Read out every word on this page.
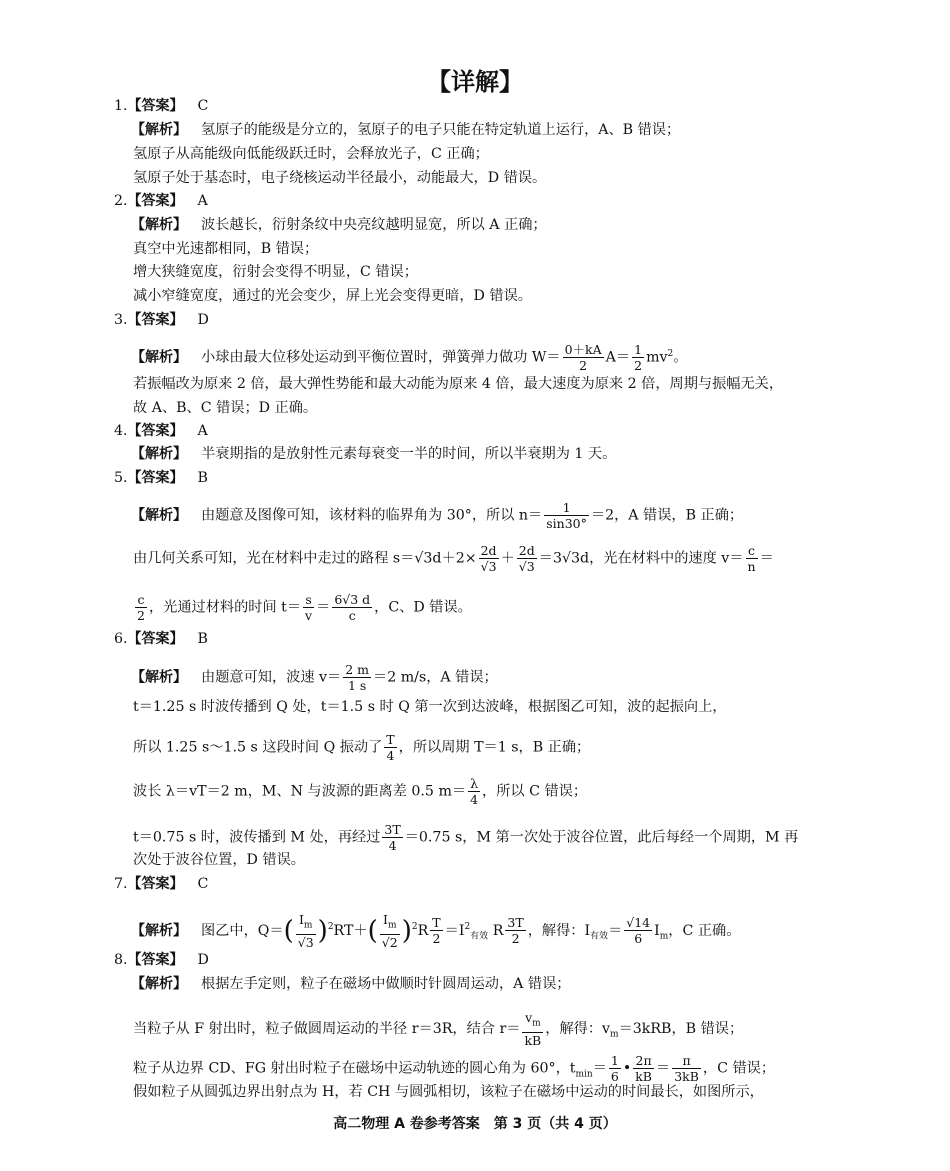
【详解】
1.【答案】 C
【解析】 氢原子的能级是分立的，氢原子的电子只能在特定轨道上运行，A、B 错误；
氢原子从高能级向低能级跃迁时，会释放光子，C 正确；
氢原子处于基态时，电子绕核运动半径最小，动能最大，D 错误。
2.【答案】 A
【解析】 波长越长，衍射条纹中央亮纹越明显宽，所以 A 正确；
真空中光速都相同，B 错误；
增大狭缝宽度，衍射会变得不明显，C 错误；
减小窄缝宽度，通过的光会变少，屏上光会变得更暗，D 错误。
3.【答案】 D
【解析】 小球由最大位移处运动到平衡位置时，弹簧弹力做功 $W= \frac{0+kA}{2} A= \frac{1}{2} mv^2$。
若振幅改为原来 2 倍，最大弹性势能和最大动能为原来 4 倍，最大速度为原来 2 倍，周期与振幅无关，
故 A、B、C 错误；D 正确。
4.【答案】 A
【解析】 半衰期指的是放射性元素每衰变一半的时间，所以半衰期为 1 天。
5.【答案】 B
【解析】 由题意及图像可知，该材料的临界角为 30°，所以 $n= \frac{1}{\sin 30^\circ} =2$，A 错误，B 正确；
由几何关系可知，光在材料中走过的路程 $s=√3d+2\times \frac{2d}{√3} + \frac{2d}{√3} =3√3d$，光在材料中的速度 $v= \frac{c}{n}$ ＝
$\frac{c}{2}$ ，光通过材料的时间 $t= \frac{s}{v} = \frac{6√3 d}{c}$ ，C、D 错误。
6.【答案】 B
【解析】 由题意可知，波速 $v= \frac{2 m}{1 s} =2$ m/s，A 错误；
t＝1.25 s 时波传播到 Q 处，t＝1.5 s 时 Q 第一次到达波峰，根据图乙可知，波的起振向上，
所以 1.25 s～1.5 s 这段时间 Q 振动了 $\frac{T}{4}$ ，所以周期 T＝1 s，B 正确；
波长 λ＝vT＝2 m，M、N 与波源的距离差 0.5 $m= \frac{\lambda}{4}$ ，所以 C 错误；
t＝0.75 s 时，波传播到 M 处，再经过 $\frac{3T}{4} =0.75$ s，M 第一次处于波谷位置，此后每经一个周期，M 再
次处于波谷位置，D 错误。
7.【答案】 C
【解析】 图乙中，$Q=( \frac{I_m}{√3} )^2RT+( \frac{I_m}{√2} )^2R \frac{T}{2} =I^2_{有效}$ R $\frac{3T}{2}$ ，解得：$I_{有效}= \frac{√14}{6} I_m$，C 正确。
8.【答案】 D
【解析】 根据左手定则，粒子在磁场中做顺时针圆周运动，A 错误；
当粒子从 F 射出时，粒子做圆周运动的半径 r＝3R，结合 $r= \frac{v_m}{kB}$ ，解得：$v_m=3kRB$，B 错误；
粒子从边界 CD、FG 射出时粒子在磁场中运动轨迹的圆心角为 60°，$t_{min}= \frac{1}{6}$ • $\frac{2\pi}{kB} = \frac{\pi}{3kB}$ ，C 错误；
假如粒子从圆弧边界出射点为 H，若 CH 与圆弧相切，该粒子在磁场中运动的时间最长，如图所示，
高二物理 A 卷参考答案　第 3 页（共 4 页）
